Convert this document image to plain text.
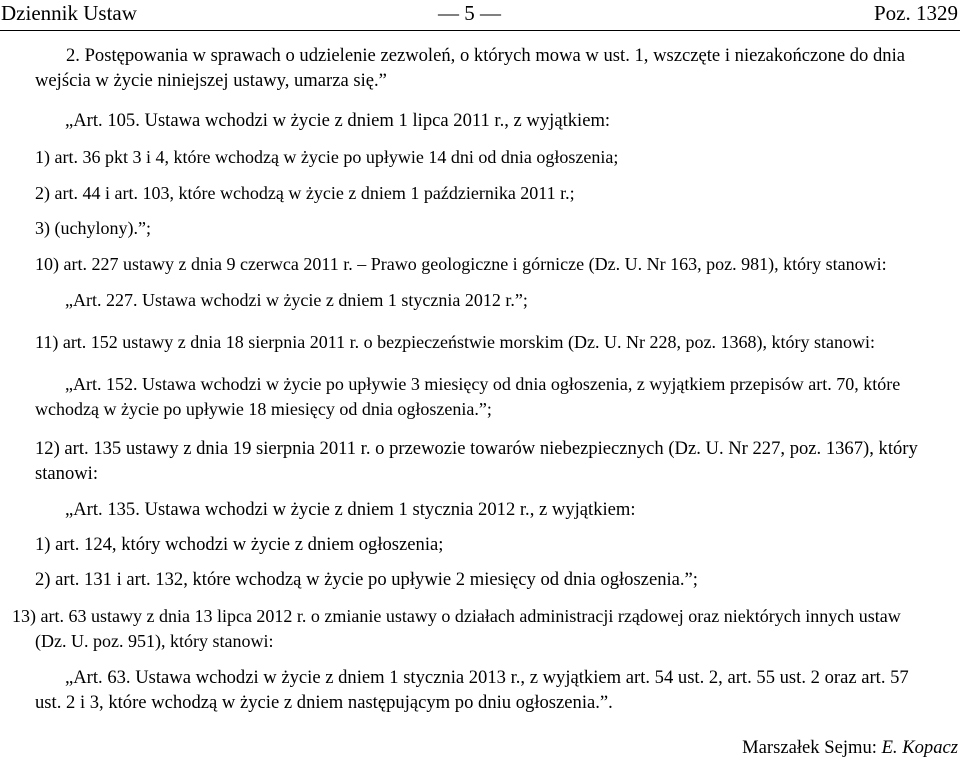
Dziennik Ustaw	— 5 —	Poz. 1329
2. Postępowania w sprawach o udzielenie zezwoleń, o których mowa w ust. 1, wszczęte i niezakończone do dnia
wejścia w życie niniejszej ustawy, umarza się.”
„Art. 105. Ustawa wchodzi w życie z dniem 1 lipca 2011 r., z wyjątkiem:
1) art. 36 pkt 3 i 4, które wchodzą w życie po upływie 14 dni od dnia ogłoszenia;
2) art. 44 i art. 103, które wchodzą w życie z dniem 1 października 2011 r.;
3) (uchylony).”;
10) art. 227 ustawy z dnia 9 czerwca 2011 r. – Prawo geologiczne i górnicze (Dz. U. Nr 163, poz. 981), który stanowi:
„Art. 227. Ustawa wchodzi w życie z dniem 1 stycznia 2012 r.”;
11) art. 152 ustawy z dnia 18 sierpnia 2011 r. o bezpieczeństwie morskim (Dz. U. Nr 228, poz. 1368), który stanowi:
„Art. 152. Ustawa wchodzi w życie po upływie 3 miesięcy od dnia ogłoszenia, z wyjątkiem przepisów art. 70, które
wchodzą w życie po upływie 18 miesięcy od dnia ogłoszenia.”;
12) art. 135 ustawy z dnia 19 sierpnia 2011 r. o przewozie towarów niebezpiecznych (Dz. U. Nr 227, poz. 1367), który
stanowi:
„Art. 135. Ustawa wchodzi w życie z dniem 1 stycznia 2012 r., z wyjątkiem:
1) art. 124, który wchodzi w życie z dniem ogłoszenia;
2) art. 131 i art. 132, które wchodzą w życie po upływie 2 miesięcy od dnia ogłoszenia.”;
13) art. 63 ustawy z dnia 13 lipca 2012 r. o zmianie ustawy o działach administracji rządowej oraz niektórych innych ustaw
(Dz. U. poz. 951), który stanowi:
„Art. 63. Ustawa wchodzi w życie z dniem 1 stycznia 2013 r., z wyjątkiem art. 54 ust. 2, art. 55 ust. 2 oraz art. 57
ust. 2 i 3, które wchodzą w życie z dniem następującym po dniu ogłoszenia.”.
Marszałek Sejmu: E. Kopacz
